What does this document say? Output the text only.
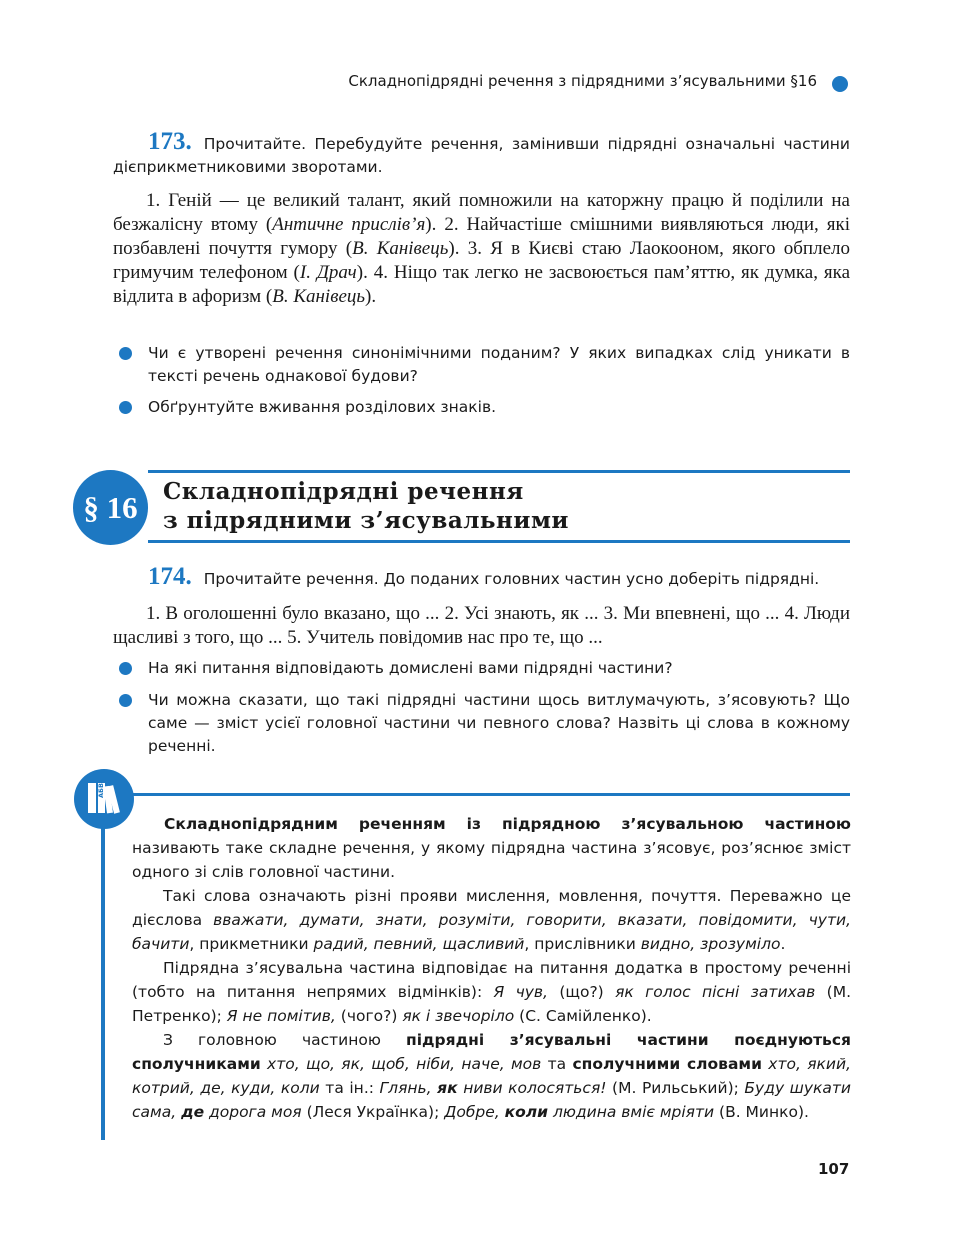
Складнопідрядні речення з підрядними з’ясувальними §16
173. Прочитайте. Перебудуйте речення, замінивши підрядні означальні частини дієприкметниковими зворотами.
1. Геній — це великий талант, який помножили на каторжну працю й поділили на безжалісну втому (Античне прислів’я). 2. Найчастіше смішними виявляються люди, які позбавлені почуття гумору (В. Канівець). 3. Я в Києві стаю Лаокооном, якого обплело гримучим телефоном (І. Драч). 4. Ніщо так легко не засвоюється пам’яттю, як думка, яка відлита в афоризм (В. Канівець).
Чи є утворені речення синонімічними поданим? У яких випадках слід уникати в тексті речень однакової будови?
Обґрунтуйте вживання розділових знаків.
§ 16	Складнопідрядні речення
з підрядними з’ясувальними
174. Прочитайте речення. До поданих головних частин усно доберіть підрядні.
1. В оголошенні було вказано, що ... 2. Усі знають, як ... 3. Ми впевнені, що ... 4. Люди щасливі з того, що ... 5. Учитель повідомив нас про те, що ...
На які питання відповідають домислені вами підрядні частини?
Чи можна сказати, що такі підрядні частини щось витлумачують, з’ясовують? Що саме — зміст усієї головної частини чи певного слова? Назвіть ці слова в кожному реченні.
АБВ

Складнопідрядним реченням із підрядною з’ясувальною частиною називають таке складне речення, у якому підрядна частина з’ясовує, роз’яснює зміст одного зі слів головної частини.

Такі слова означають різні прояви мислення, мовлення, почуття. Переважно це дієслова вважати, думати, знати, розуміти, говорити, вказати, повідомити, чути, бачити, прикметники радий, певний, щасливий, прислівники видно, зрозуміло.

Підрядна з’ясувальна частина відповідає на питання додатка в простому реченні (тобто на питання непрямих відмінків): Я чув, (що?) як голос пісні затихав (М. Петренко); Я не помітив, (чого?) як і звечоріло (С. Самійленко).

З головною частиною підрядні з’ясувальні частини поєднуються сполучниками хто, що, як, щоб, ніби, наче, мов та сполучними словами хто, який, котрий, де, куди, коли та ін.: Глянь, як ниви колосяться! (М. Рильський); Буду шукати сама, де дорога моя (Леся Українка); Добре, коли людина вміє мріяти (В. Минко).

107
